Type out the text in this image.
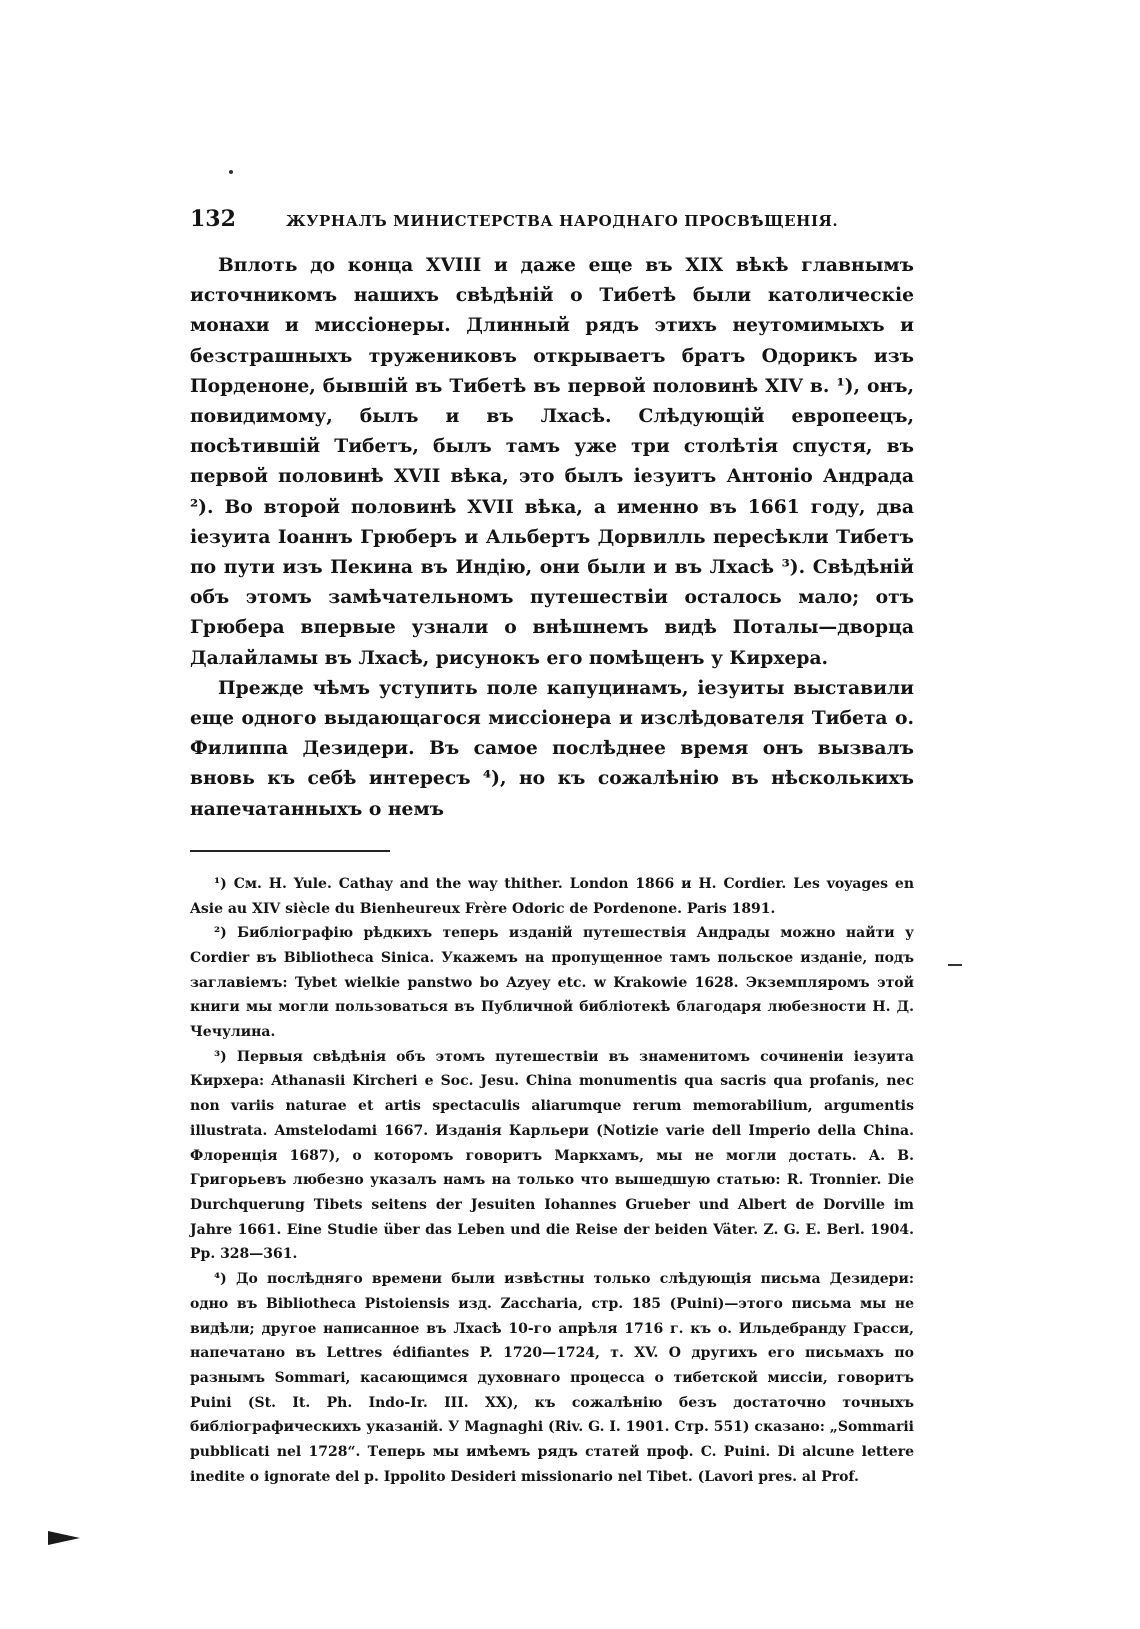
132	ЖУРНАЛЪ МИНИСТЕРСТВА НАРОДНАГО ПРОСВѢЩЕНІЯ.

Вплоть до конца XVIII и даже еще въ XIX вѣкѣ главнымъ источникомъ нашихъ свѣдѣній о Тибетѣ были католическіе монахи и миссіонеры. Длинный рядъ этихъ неутомимыхъ и безстрашныхъ тружениковъ открываетъ братъ Одорикъ изъ Порденоне, бывшій въ Тибетѣ въ первой половинѣ XIV в. ¹), онъ, повидимому, былъ и въ Лхасѣ. Слѣдующій европеецъ, посѣтившій Тибетъ, былъ тамъ уже три столѣтія спустя, въ первой половинѣ XVII вѣка, это былъ іезуитъ Антоніо Андрада ²). Во второй половинѣ XVII вѣка, а именно въ 1661 году, два іезуита Іоаннъ Грюберъ и Альбертъ Дорвилль пересѣкли Тибетъ по пути изъ Пекина въ Индію, они были и въ Лхасѣ ³). Свѣдѣній объ этомъ замѣчательномъ путешествіи осталось мало; отъ Грюбера впервые узнали о внѣшнемъ видѣ Поталы—дворца Далайламы въ Лхасѣ, рисунокъ его помѣщенъ у Кирхера.

Прежде чѣмъ уступить поле капуцинамъ, іезуиты выставили еще одного выдающагося миссіонера и изслѣдователя Тибета о. Филиппа Дезидери. Въ самое послѣднее время онъ вызвалъ вновь къ себѣ интересъ ⁴), но къ сожалѣнію въ нѣсколькихъ напечатанныхъ о немъ

¹) См. H. Yule. Cathay and the way thither. London 1866 и H. Cordier. Les voyages en Asie au XIV siècle du Bienheureux Frère Odoric de Pordenone. Paris 1891.

²) Библіографію рѣдкихъ теперь изданій путешествія Андрады можно найти у Cordier въ Bibliotheca Sinica. Укажемъ на пропущенное тамъ польское изданіе, подъ заглавіемъ: Tybet wielkie panstwo bo Azyey etc. w Krakowie 1628. Экземпляромъ этой книги мы могли пользоваться въ Публичной библіотекѣ благодаря любезности Н. Д. Чечулина.

³) Первыя свѣдѣнія объ этомъ путешествіи въ знаменитомъ сочиненіи іезуита Кирхера: Athanasii Kircheri e Soc. Jesu. China monumentis qua sacris qua profanis, nec non variis naturae et artis spectaculis aliarumque rerum memorabilium, argumentis illustrata. Amstelodami 1667. Изданія Карльери (Notizie varie dell Imperio della China. Флоренція 1687), о которомъ говоритъ Маркхамъ, мы не могли достать. А. В. Григорьевъ любезно указалъ намъ на только что вышедшую статью: R. Tronnier. Die Durchquerung Tibets seitens der Jesuiten Iohannes Grueber und Albert de Dorville im Jahre 1661. Eine Studie über das Leben und die Reise der beiden Väter. Z. G. E. Berl. 1904. Pp. 328—361.

⁴) До послѣдняго времени были извѣстны только слѣдующія письма Дезидери: одно въ Bibliotheca Pistoiensis изд. Zaccharia, стр. 185 (Puini)—этого письма мы не видѣли; другое написанное въ Лхасѣ 10-го апрѣля 1716 г. къ о. Ильдебранду Грасси, напечатано въ Lettres édifiantes P. 1720—1724, т. XV. О другихъ его письмахъ по разнымъ Sommari, касающимся духовнаго процесса о тибетской миссіи, говоритъ Puini (St. It. Ph. Indo-Ir. III. XX), къ сожалѣнію безъ достаточно точныхъ библіографическихъ указаній. У Magnaghi (Riv. G. I. 1901. Стр. 551) сказано: „Sommarii pubblicati nel 1728“. Теперь мы имѣемъ рядъ статей проф. C. Puini. Di alcune lettere inedite o ignorate del p. Ippolito Desideri missionario nel Tibet. (Lavori pres. al Prof.
